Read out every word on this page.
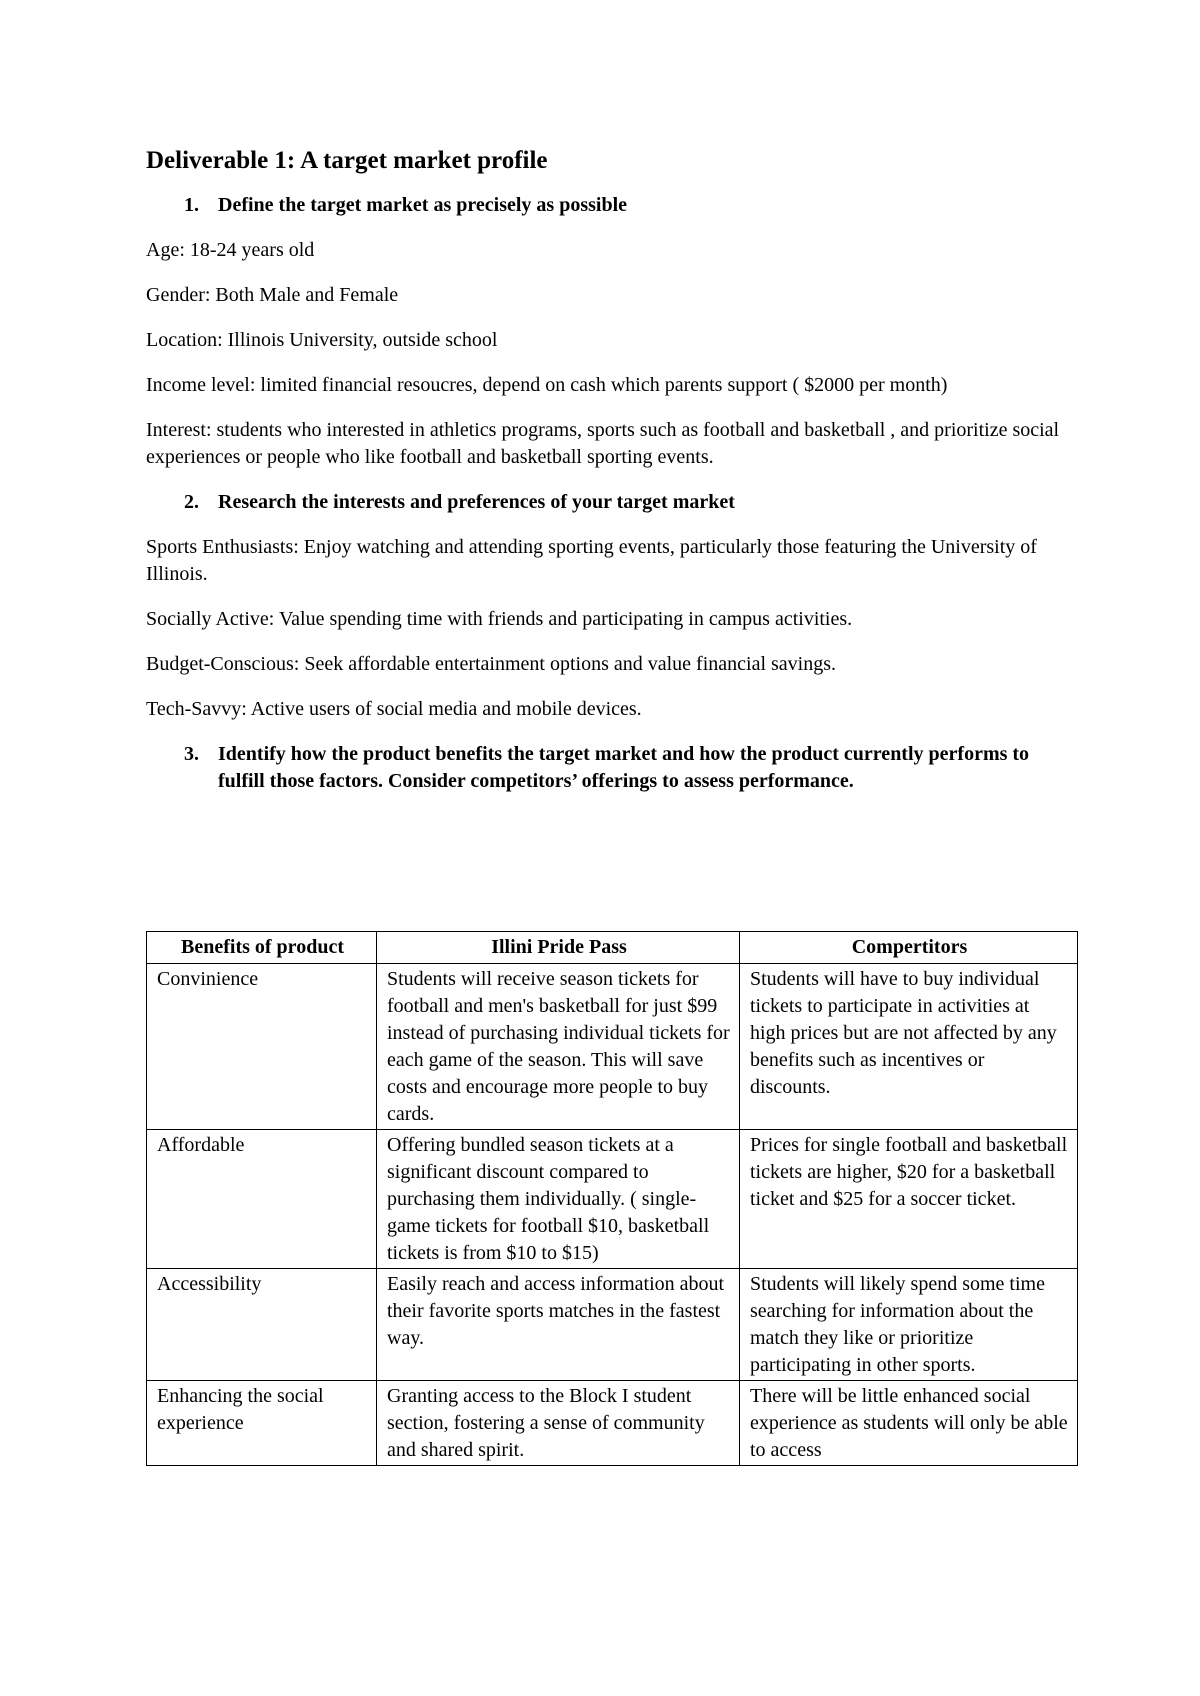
Deliverable 1: A target market profile
1. Define the target market as precisely as possible

Age: 18-24 years old

Gender: Both Male and Female

Location: Illinois University, outside school

Income level: limited financial resoucres, depend on cash which parents support ( $2000 per month)

Interest: students who interested in athletics programs, sports such as football and basketball , and prioritize social experiences or people who like football and basketball sporting events.

2. Research the interests and preferences of your target market

Sports Enthusiasts: Enjoy watching and attending sporting events, particularly those featuring the University of Illinois.

Socially Active: Value spending time with friends and participating in campus activities.

Budget-Conscious: Seek affordable entertainment options and value financial savings.

Tech-Savvy: Active users of social media and mobile devices.

3. Identify how the product benefits the target market and how the product currently performs to fulfill those factors. Consider competitors’ offerings to assess performance.
Benefits of product	Illini Pride Pass	Compertitors
Convinience	Students will receive season tickets for football and men's basketball for just $99 instead of purchasing individual tickets for each game of the season. This will save costs and encourage more people to buy cards.	Students will have to buy individual tickets to participate in activities at high prices but are not affected by any benefits such as incentives or discounts.
Affordable	Offering bundled season tickets at a significant discount compared to purchasing them individually. ( single-game tickets for football $10, basketball tickets is from $10 to $15)	Prices for single football and basketball tickets are higher, $20 for a basketball ticket and $25 for a soccer ticket.
Accessibility	Easily reach and access information about their favorite sports matches in the fastest way.	Students will likely spend some time searching for information about the match they like or prioritize participating in other sports.
Enhancing the social experience	Granting access to the Block I student section, fostering a sense of community and shared spirit.	There will be little enhanced social experience as students will only be able to access
